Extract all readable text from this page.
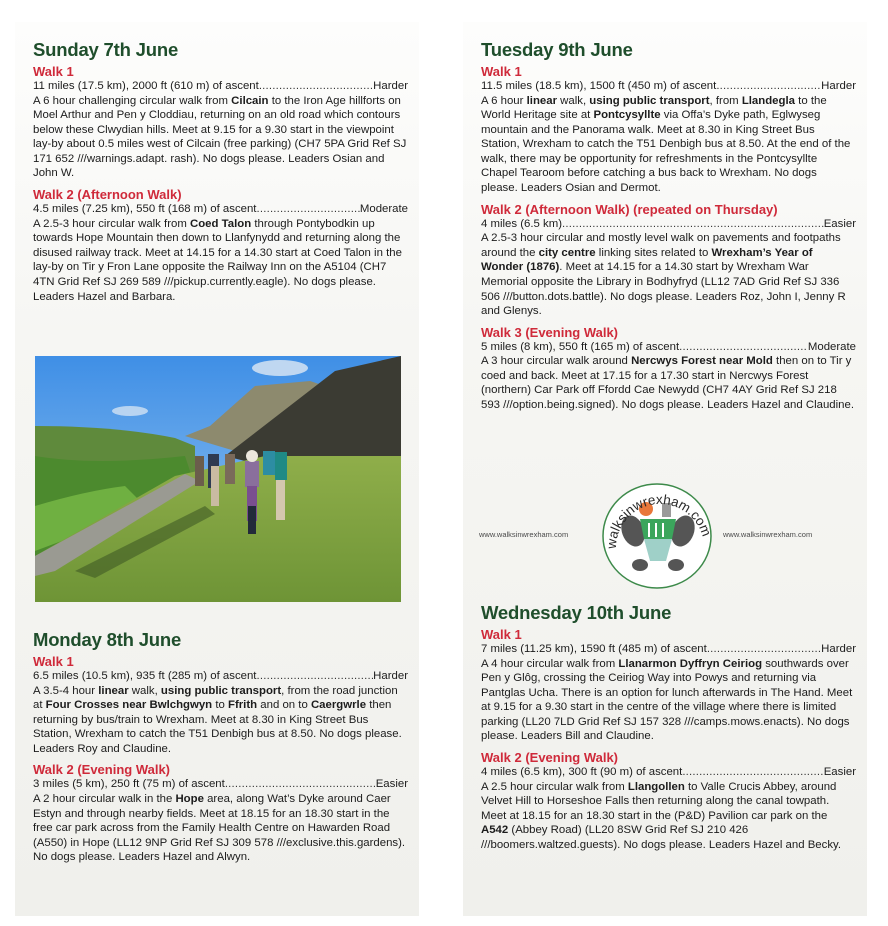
Sunday 7th June
Walk 1
11 miles (17.5 km), 2000 ft (610 m) of ascent .....	Harder

A 6 hour challenging circular walk from Cilcain to the Iron Age hillforts on Moel Arthur and Pen y Cloddiau, returning on an old road which contours below these Clwydian hills. Meet at 9.15 for a 9.30 start in the viewpoint lay-by about 0.5 miles west of Cilcain (free parking) (CH7 5PA Grid Ref SJ 171 652 ///warnings.adapt. rash). No dogs please. Leaders Osian and John W.

Walk 2 (Afternoon Walk)
4.5 miles (7.25 km), 550 ft (168 m) of ascent .....	Moderate

A 2.5-3 hour circular walk from Coed Talon through Pontybodkin up towards Hope Mountain then down to Llanfynydd and returning along the disused railway track. Meet at 14.15 for a 14.30 start at Coed Talon in the lay-by on Tir y Fron Lane opposite the Railway Inn on the A5104 (CH7 4TN Grid Ref SJ 269 589 ///pickup.currently.eagle). No dogs please. Leaders Hazel and Barbara.

Monday 8th June
Walk 1
6.5 miles (10.5 km), 935 ft (285 m) of ascent .....	Harder

A 3.5-4 hour linear walk, using public transport, from the road junction at Four Crosses near Bwlchgwyn to Ffrith and on to Caergwrle then returning by bus/train to Wrexham. Meet at 8.30 in King Street Bus Station, Wrexham to catch the T51 Denbigh bus at 8.50. No dogs please. Leaders Roy and Claudine.

Walk 2 (Evening Walk)
3 miles (5 km), 250 ft (75 m) of ascent .....	Easier

A 2 hour circular walk in the Hope area, along Wat’s Dyke around Caer Estyn and through nearby fields. Meet at 18.15 for an 18.30 start in the free car park across from the Family Health Centre on Hawarden Road (A550) in Hope (LL12 9NP Grid Ref SJ 309 578 ///exclusive.this.gardens). No dogs please. Leaders Hazel and Alwyn.

Tuesday 9th June
Walk 1
11.5 miles (18.5 km), 1500 ft (450 m) of ascent .....	Harder

A 6 hour linear walk, using public transport, from Llandegla to the World Heritage site at Pontcysyllte via Offa’s Dyke path, Eglwyseg mountain and the Panorama walk. Meet at 8.30 in King Street Bus Station, Wrexham to catch the T51 Denbigh bus at 8.50. At the end of the walk, there may be opportunity for refreshments in the Pontcysyllte Chapel Tearoom before catching a bus back to Wrexham. No dogs please. Leaders Osian and Dermot.

Walk 2 (Afternoon Walk) (repeated on Thursday)
4 miles (6.5 km) .....	Easier

A 2.5-3 hour circular and mostly level walk on pavements and footpaths around the city centre linking sites related to Wrexham’s Year of Wonder (1876). Meet at 14.15 for a 14.30 start by Wrexham War Memorial opposite the Library in Bodhyfryd (LL12 7AD Grid Ref SJ 336 506 ///button.dots.battle). No dogs please. Leaders Roz, John I, Jenny R and Glenys.

Walk 3 (Evening Walk)
5 miles (8 km), 550 ft (165 m) of ascent .....	Moderate

A 3 hour circular walk around Nercwys Forest near Mold then on to Tir y coed and back. Meet at 17.15 for a 17.30 start in Nercwys Forest (northern) Car Park off Ffordd Cae Newydd (CH7 4AY Grid Ref SJ 218 593 ///option.being.signed). No dogs please. Leaders Hazel and Claudine.

www.walksinwrexham.com
walksinwrexham.com www.walksinwrexham.com
Wednesday 10th June
Walk 1
7 miles (11.25 km), 1590 ft (485 m) of ascent .....	Harder

A 4 hour circular walk from Llanarmon Dyffryn Ceiriog southwards over Pen y Glôg, crossing the Ceiriog Way into Powys and returning via Pantglas Ucha. There is an option for lunch afterwards in The Hand. Meet at 9.15 for a 9.30 start in the centre of the village where there is limited parking (LL20 7LD Grid Ref SJ 157 328 ///camps.mows.enacts). No dogs please. Leaders Bill and Claudine.

Walk 2 (Evening Walk)
4 miles (6.5 km), 300 ft (90 m) of ascent .....	Easier

A 2.5 hour circular walk from Llangollen to Valle Crucis Abbey, around Velvet Hill to Horseshoe Falls then returning along the canal towpath. Meet at 18.15 for an 18.30 start in the (P&D) Pavilion car park on the A542 (Abbey Road) (LL20 8SW Grid Ref SJ 210 426 ///boomers.waltzed.guests). No dogs please. Leaders Hazel and Becky.
